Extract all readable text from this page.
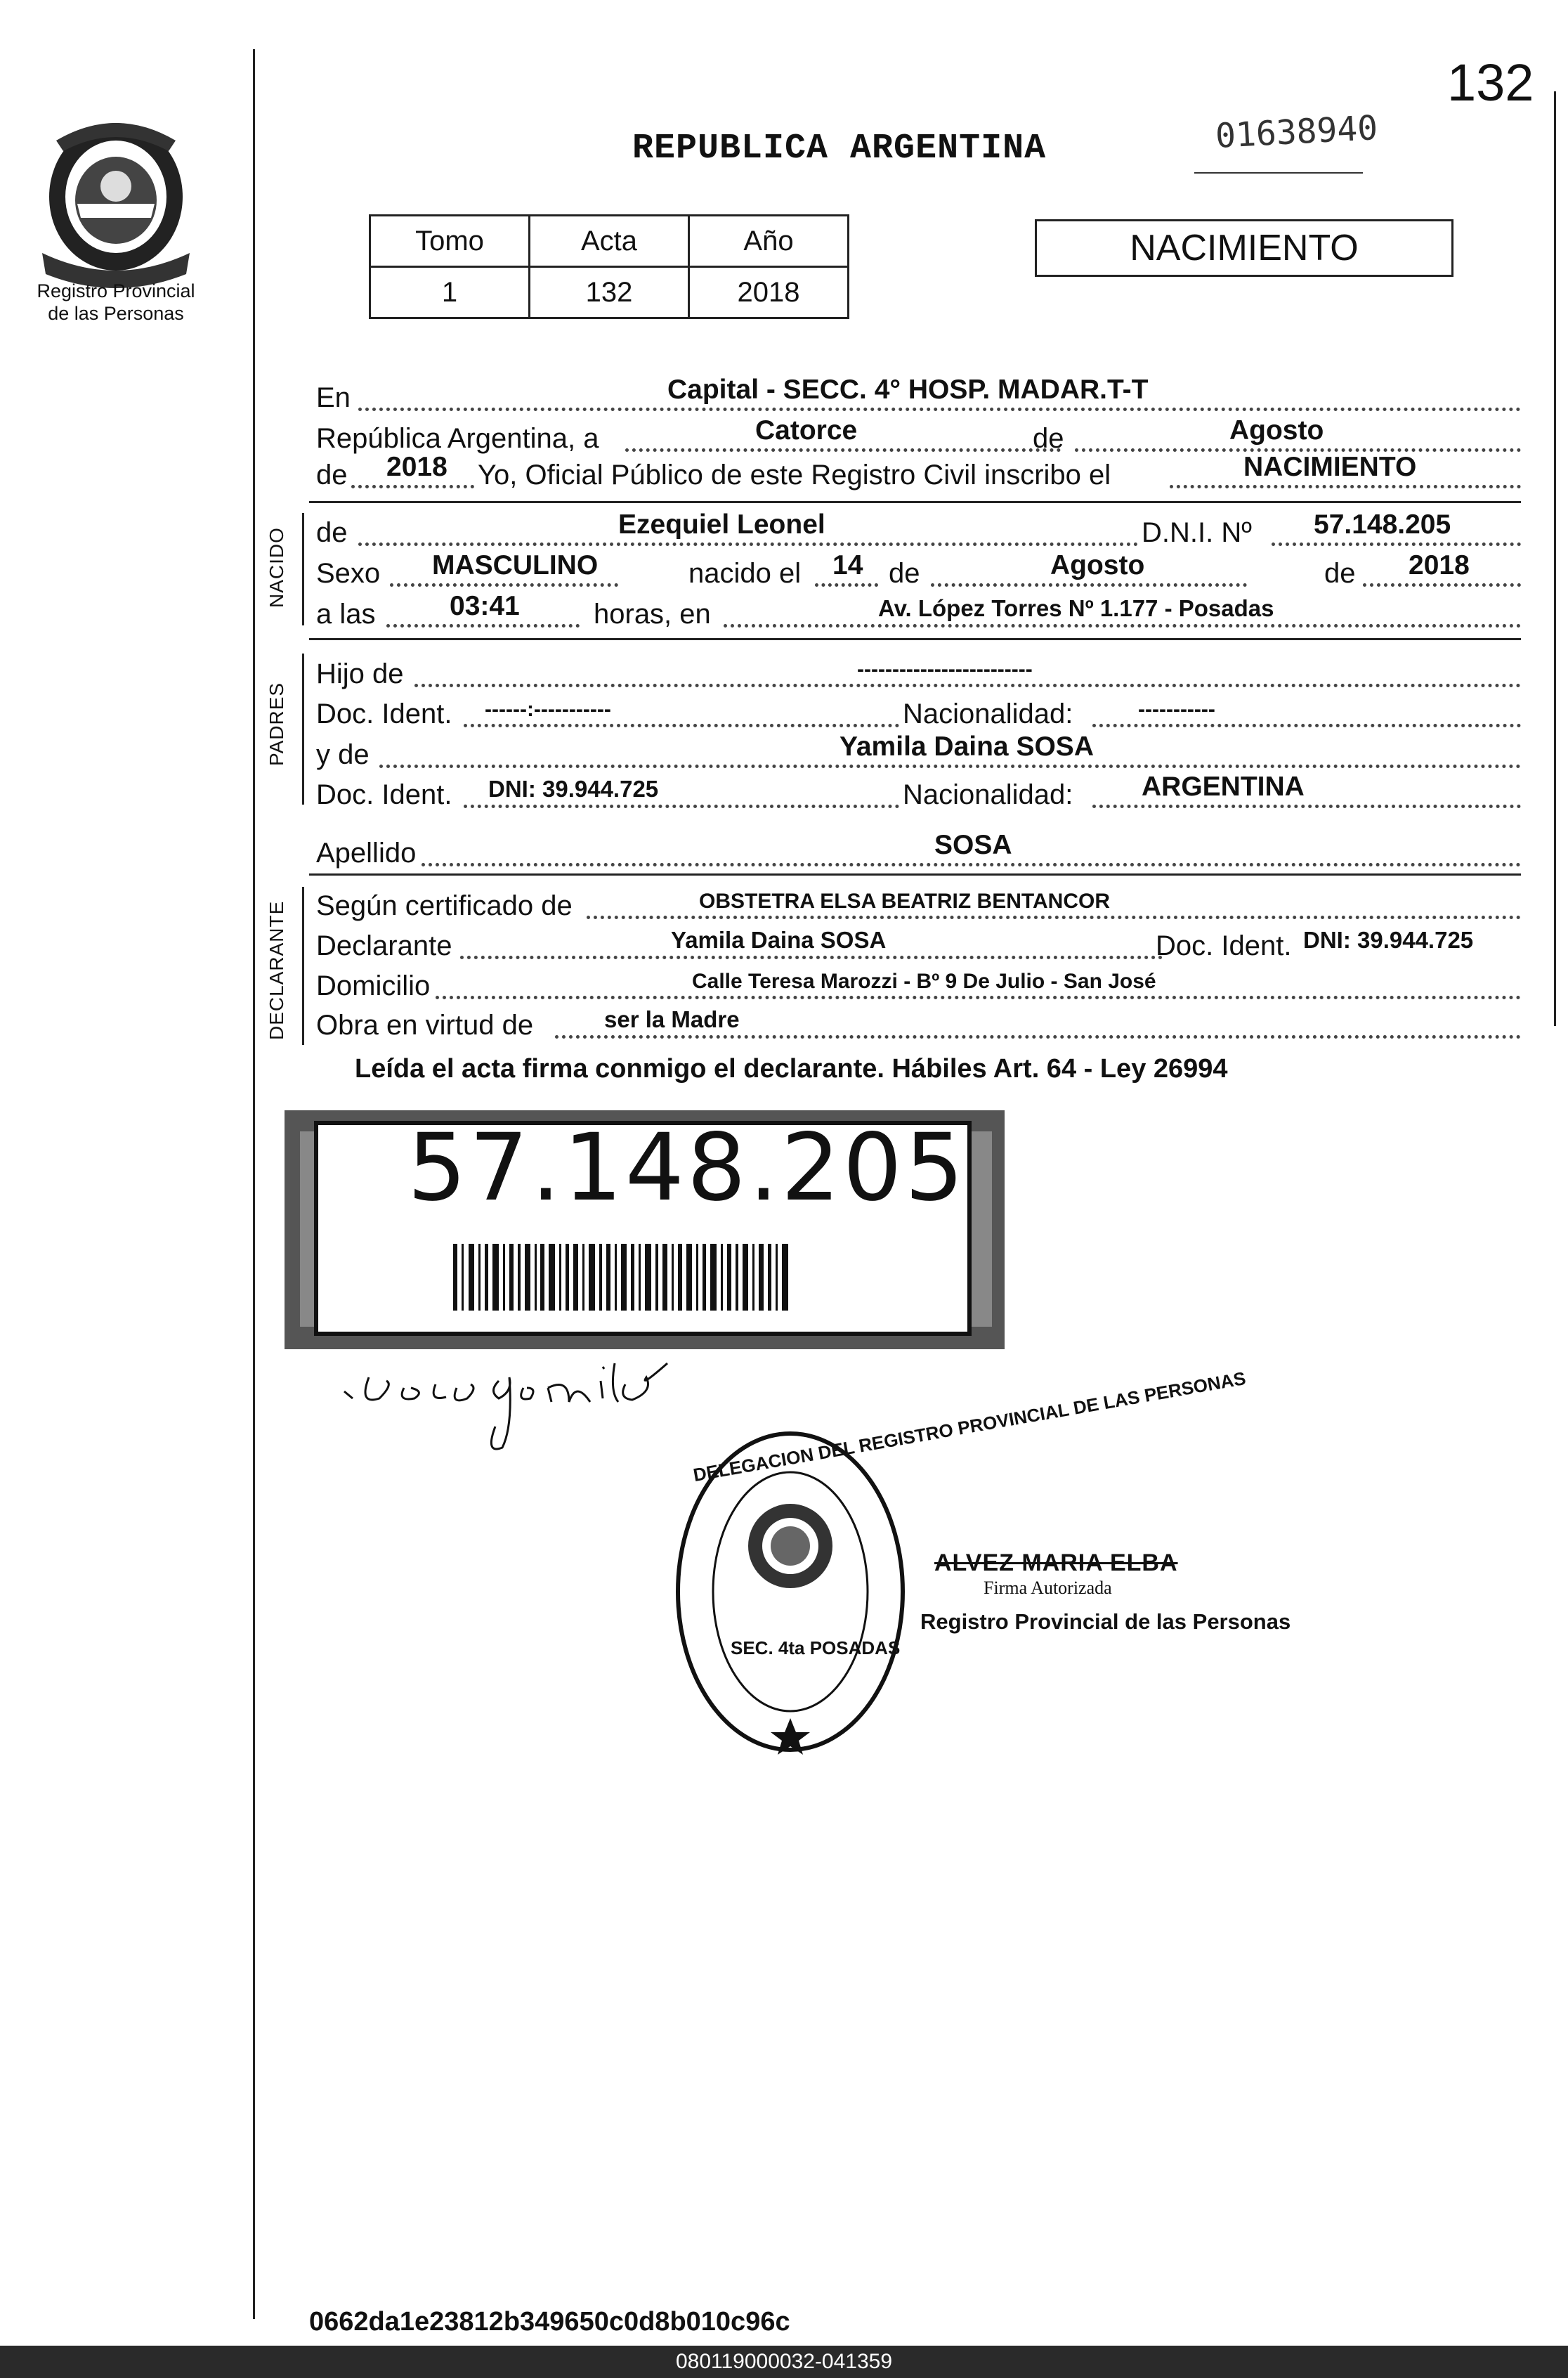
Registro Provincial
de las Personas
132
REPUBLICA ARGENTINA	01638940
Tomo	Acta	Año
1	132	2018
NACIMIENTO
En	Capital - SECC. 4° HOSP. MADAR.T-T
República Argentina, a	Catorce	de	Agosto
de 2018 Yo, Oficial Público de este Registro Civil inscribo el	NACIMIENTO
NACIDO de	Ezequiel Leonel	D.N.I. Nº 57.148.205
Sexo MASCULINO	nacido el 14 de	Agosto	de 2018
a las	03:41	horas, en	Av. López Torres Nº 1.177 - Posadas
PADRES
Hijo de	-------------------------
Doc. Ident. ------:-----------	Nacionalidad:	-----------
y de	Yamila Daina SOSA
Doc. Ident. DNI: 39.944.725	Nacionalidad:	ARGENTINA
Apellido	SOSA
DECLARANTE Según certificado de	OBSTETRA ELSA BEATRIZ BENTANCOR
Declarante	Yamila Daina SOSA	Doc. Ident. DNI: 39.944.725
Domicilio	Calle Teresa Marozzi - Bº 9 De Julio - San José
Obra en virtud de	ser la Madre
Leída el acta firma conmigo el declarante. Hábiles Art. 64 - Ley 26994
57.148.205
DELEGACION DEL REGISTRO PROVINCIAL DE LAS PERSONAS
SEC. 4ta POSADAS
ALVEZ MARIA ELBA
Firma Autorizada
Registro Provincial de las Personas
0662da1e23812b349650c0d8b010c96c
080119000032-041359
